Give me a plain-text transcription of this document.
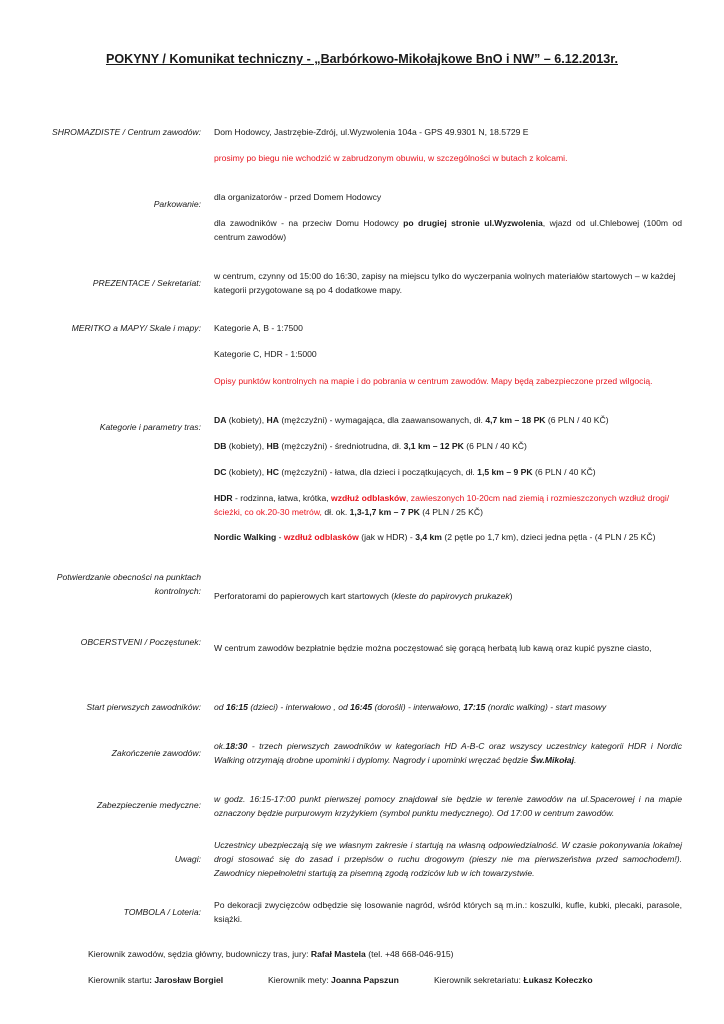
POKYNY / Komunikat techniczny - „Barbórkowo-Mikołajkowe BnO i NW” – 6.12.2013r.
SHROMAZDISTE / Centrum zawodów: Dom Hodowcy, Jastrzębie-Zdrój, ul.Wyzwolenia 104a - GPS 49.9301 N, 18.5729 E
prosimy po biegu nie wchodzić w zabrudzonym obuwiu, w szczególności w butach z kolcami.
Parkowanie:
dla organizatorów - przed Domem Hodowcy
dla zawodników - na przeciw Domu Hodowcy po drugiej stronie ul.Wyzwolenia, wjazd od ul.Chlebowej (100m od centrum zawodów)
PREZENTACE / Sekretariat:
w centrum, czynny od 15:00 do 16:30, zapisy na miejscu tylko do wyczerpania wolnych materiałów startowych – w każdej kategorii przygotowane są po 4 dodatkowe mapy.
MERITKO a MAPY/ Skale i mapy: Kategorie A, B - 1:7500
Kategorie C, HDR - 1:5000
Opisy punktów kontrolnych na mapie i do pobrania w centrum zawodów. Mapy będą zabezpieczone przed wilgocią.
Kategorie i parametry tras:
DA (kobiety), HA (mężczyźni) - wymagająca, dla zaawansowanych, dł. 4,7 km – 18 PK (6 PLN / 40 KČ)
DB (kobiety), HB (mężczyźni) - średniotrudna, dł. 3,1 km – 12 PK (6 PLN / 40 KČ)
DC (kobiety), HC (mężczyźni) - łatwa, dla dzieci i początkujących, dł. 1,5 km – 9 PK (6 PLN / 40 KČ)
HDR - rodzinna, łatwa, krótka, wzdłuż odblasków, zawieszonych 10-20cm nad ziemią i rozmieszczonych wzdłuż drogi/ścieżki, co ok.20-30 metrów, dł. ok. 1,3-1,7 km – 7 PK (4 PLN / 25 KČ)
Nordic Walking - wzdłuż odblasków (jak w HDR) - 3,4 km (2 pętle po 1,7 km), dzieci jedna pętla - (4 PLN / 25 KČ)
Potwierdzanie obecności na punktach kontrolnych: Perforatorami do papierowych kart startowych (kleste do papirovych prukazek)
OBCERSTVENI / Poczęstunek:
W centrum zawodów bezpłatnie będzie można poczęstować się gorącą herbatą lub kawą oraz kupić pyszne ciasto,
Start pierwszych zawodników: od 16:15 (dzieci) - interwałowo , od 16:45 (dorośli) - interwałowo, 17:15 (nordic walking) - start masowy
Zakończenie zawodów:
ok.18:30 - trzech pierwszych zawodników w kategoriach HD A-B-C oraz wszyscy uczestnicy kategorii HDR i Nordic Walking otrzymają drobne upominki i dyplomy. Nagrody i upominki wręczać będzie Św.Mikołaj.
Zabezpieczenie medyczne:
w godz. 16:15-17:00 punkt pierwszej pomocy znajdował sie będzie w terenie zawodów na ul.Spacerowej i na mapie oznaczony będzie purpurowym krzyżykiem (symbol punktu medycznego). Od 17:00 w centrum zawodów.
Uwagi:
Uczestnicy ubezpieczają się we własnym zakresie i startują na własną odpowiedzialność. W czasie pokonywania lokalnej drogi stosować się do zasad i przepisów o ruchu drogowym (pieszy nie ma pierwszeństwa przed samochodem!). Zawodnicy niepełnoletni startują za pisemną zgodą rodziców lub w ich towarzystwie.
TOMBOLA / Loteria:
Po dekoracji zwycięzców odbędzie się losowanie nagród, wśród których są m.in.: koszulki, kufle, kubki, plecaki, parasole, książki.
Kierownik zawodów, sędzia główny, budowniczy tras, jury: Rafał Mastela (tel. +48 668-046-915)
Kierownik startu: Jarosław Borgiel	Kierownik mety: Joanna Papszun	Kierownik sekretariatu: Łukasz Kołeczko
